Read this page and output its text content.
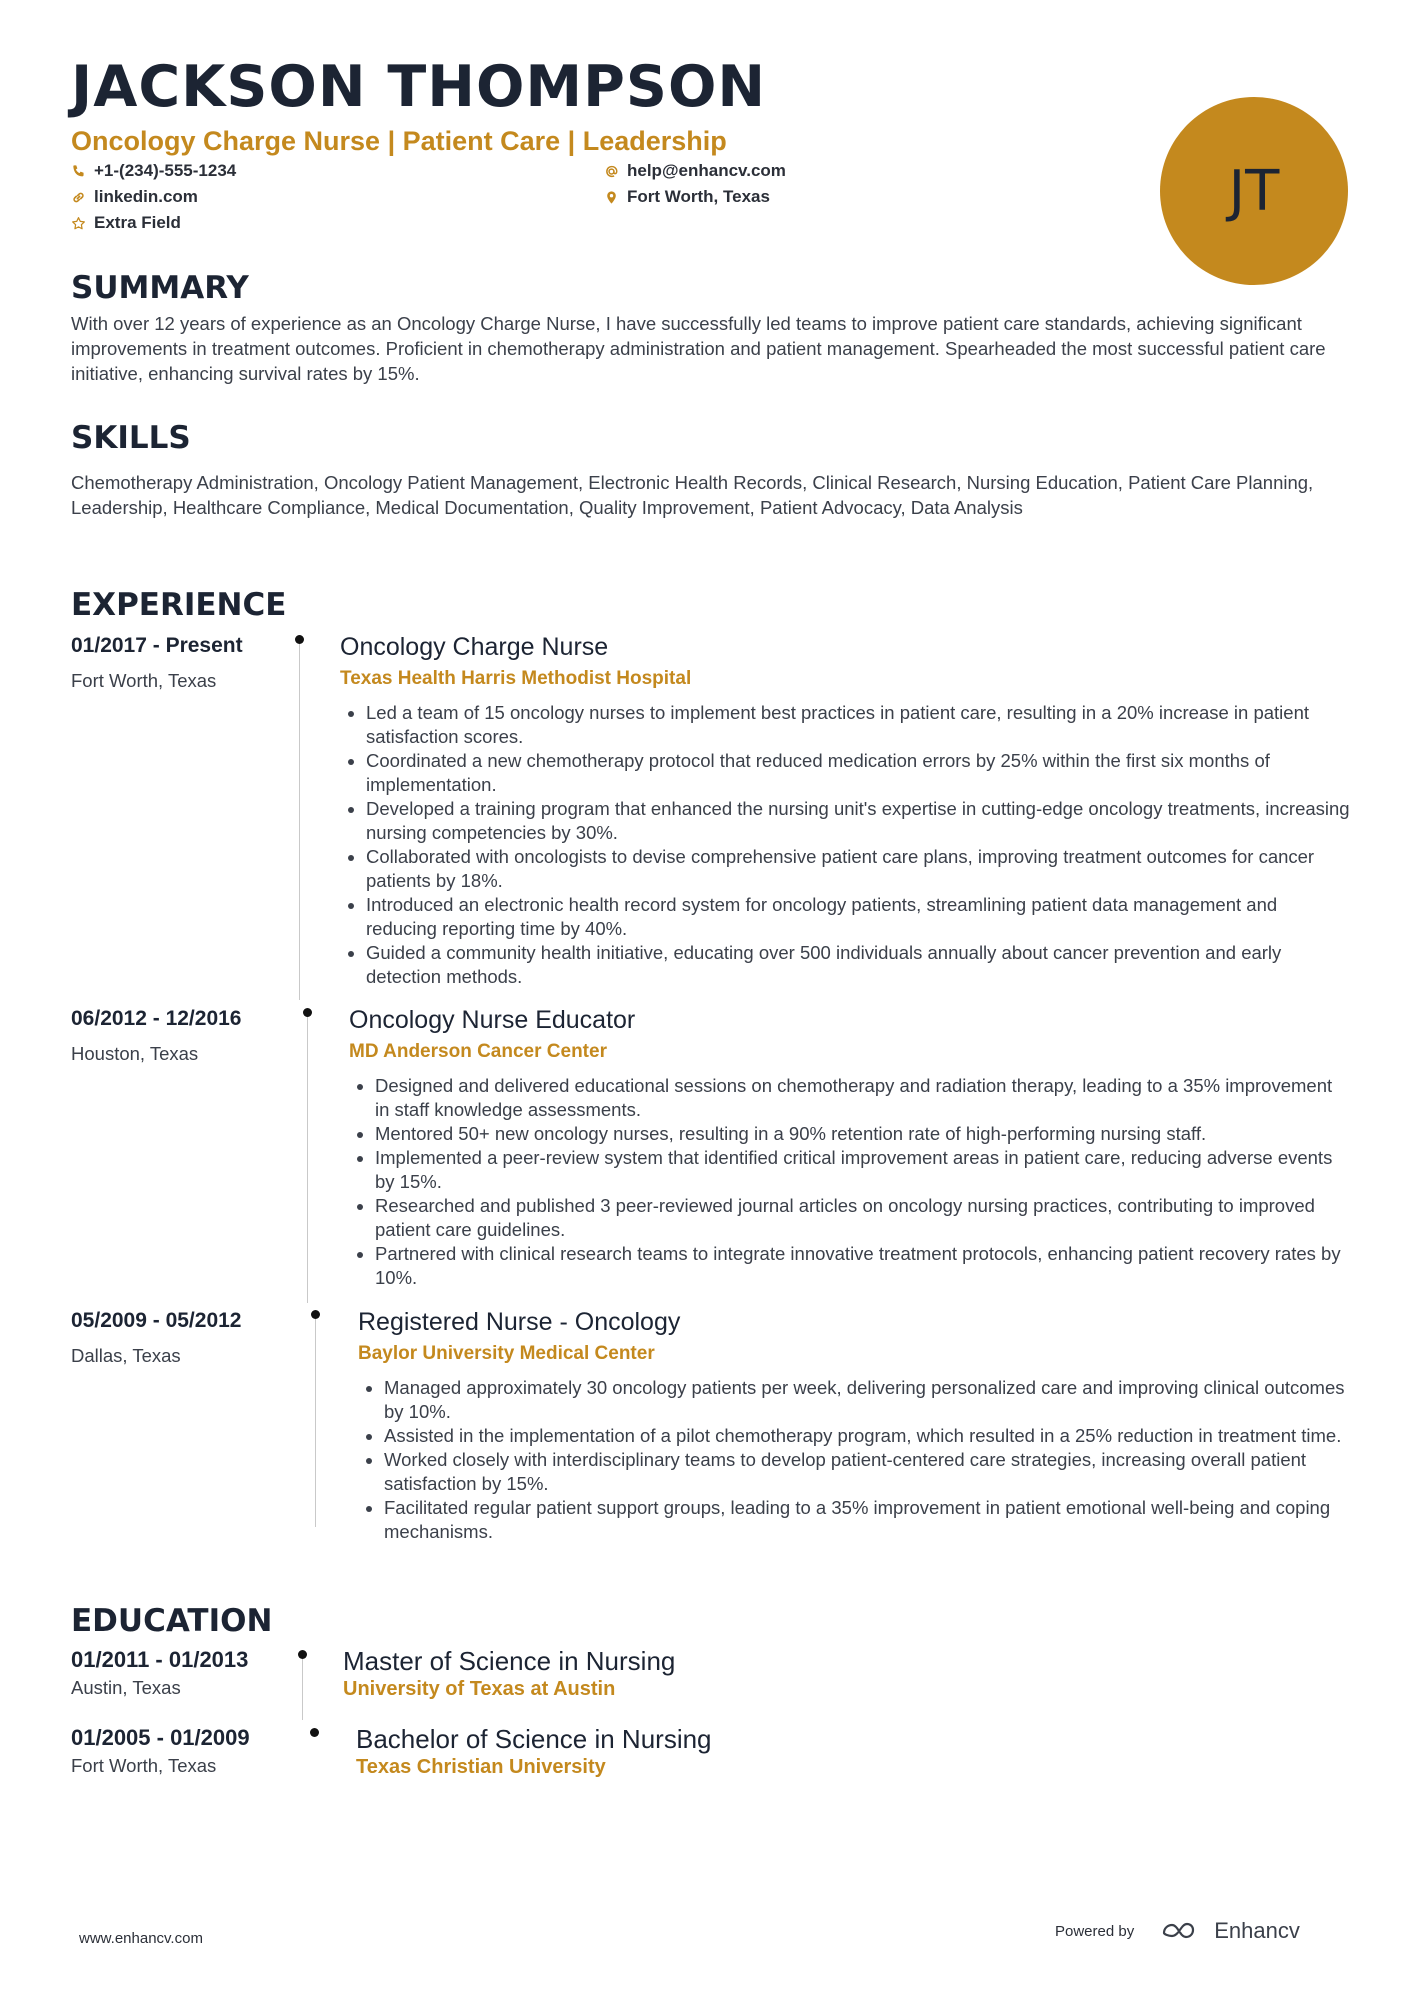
JACKSON THOMPSON
Oncology Charge Nurse | Patient Care | Leadership
+1-(234)-555-1234	help@enhancv.com
linkedin.com	Fort Worth, Texas
Extra Field	JT
SUMMARY

With over 12 years of experience as an Oncology Charge Nurse, I have successfully led teams to improve patient care standards, achieving significant improvements in treatment outcomes. Proficient in chemotherapy administration and patient management. Spearheaded the most successful patient care initiative, enhancing survival rates by 15%.

SKILLS

Chemotherapy Administration, Oncology Patient Management, Electronic Health Records, Clinical Research, Nursing Education, Patient Care Planning, Leadership, Healthcare Compliance, Medical Documentation, Quality Improvement, Patient Advocacy, Data Analysis

EXPERIENCE
01/2017 - Present
Fort Worth, Texas
Oncology Charge Nurse
Texas Health Harris Methodist Hospital
• Led a team of 15 oncology nurses to implement best practices in patient care, resulting in a 20% increase in patient satisfaction scores.
• Coordinated a new chemotherapy protocol that reduced medication errors by 25% within the first six months of implementation.
• Developed a training program that enhanced the nursing unit's expertise in cutting-edge oncology treatments, increasing nursing competencies by 30%.
• Collaborated with oncologists to devise comprehensive patient care plans, improving treatment outcomes for cancer patients by 18%.
• Introduced an electronic health record system for oncology patients, streamlining patient data management and reducing reporting time by 40%.
• Guided a community health initiative, educating over 500 individuals annually about cancer prevention and early detection methods.
06/2012 - 12/2016
Houston, Texas
Oncology Nurse Educator
MD Anderson Cancer Center
• Designed and delivered educational sessions on chemotherapy and radiation therapy, leading to a 35% improvement in staff knowledge assessments.
• Mentored 50+ new oncology nurses, resulting in a 90% retention rate of high-performing nursing staff.
• Implemented a peer-review system that identified critical improvement areas in patient care, reducing adverse events by 15%.
• Researched and published 3 peer-reviewed journal articles on oncology nursing practices, contributing to improved patient care guidelines.
• Partnered with clinical research teams to integrate innovative treatment protocols, enhancing patient recovery rates by 10%.
05/2009 - 05/2012
Dallas, Texas
Registered Nurse - Oncology
Baylor University Medical Center
• Managed approximately 30 oncology patients per week, delivering personalized care and improving clinical outcomes by 10%.
• Assisted in the implementation of a pilot chemotherapy program, which resulted in a 25% reduction in treatment time.
• Worked closely with interdisciplinary teams to develop patient-centered care strategies, increasing overall patient satisfaction by 15%.
• Facilitated regular patient support groups, leading to a 35% improvement in patient emotional well-being and coping mechanisms.
EDUCATION
01/2011 - 01/2013
Austin, Texas
Master of Science in Nursing
University of Texas at Austin
01/2005 - 01/2009
Fort Worth, Texas
Bachelor of Science in Nursing
Texas Christian University
www.enhancv.com	Powered by	Enhancv
